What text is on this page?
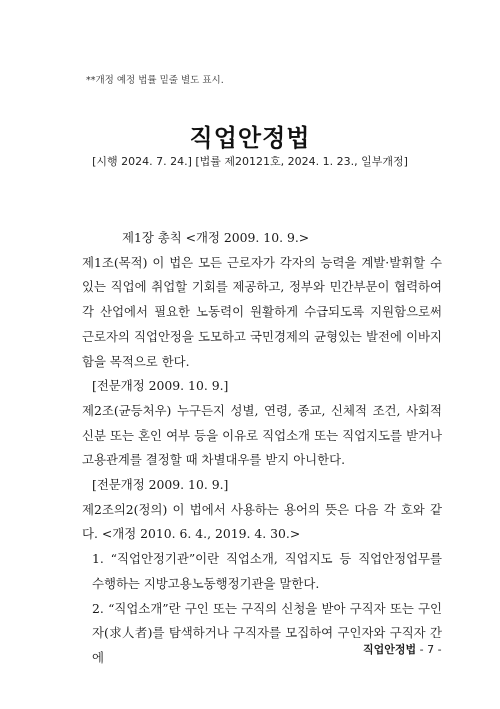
**개정 예정 법률 밑줄 별도 표시.
직업안정법
[시행 2024. 7. 24.] [법률 제20121호, 2024. 1. 23., 일부개정]

제1장 총칙 <개정 2009. 10. 9.>

제1조(목적) 이 법은 모든 근로자가 각자의 능력을 계발·발휘할 수 있는 직업에 취업할 기회를 제공하고, 정부와 민간부문이 협력하여 각 산업에서 필요한 노동력이 원활하게 수급되도록 지원함으로써 근로자의 직업안정을 도모하고 국민경제의 균형있는 발전에 이바지함을 목적으로 한다.

[전문개정 2009. 10. 9.]

제2조(균등처우) 누구든지 성별, 연령, 종교, 신체적 조건, 사회적 신분 또는 혼인 여부 등을 이유로 직업소개 또는 직업지도를 받거나 고용관계를 결정할 때 차별대우를 받지 아니한다.

[전문개정 2009. 10. 9.]

제2조의2(정의) 이 법에서 사용하는 용어의 뜻은 다음 각 호와 같다. <개정 2010. 6. 4., 2019. 4. 30.>

1. “직업안정기관”이란 직업소개, 직업지도 등 직업안정업무를 수행하는 지방고용노동행정기관을 말한다.

2. “직업소개”란 구인 또는 구직의 신청을 받아 구직자 또는 구인자(求人者)를 탐색하거나 구직자를 모집하여 구인자와 구직자 간에

직업안정법 - 7 -
